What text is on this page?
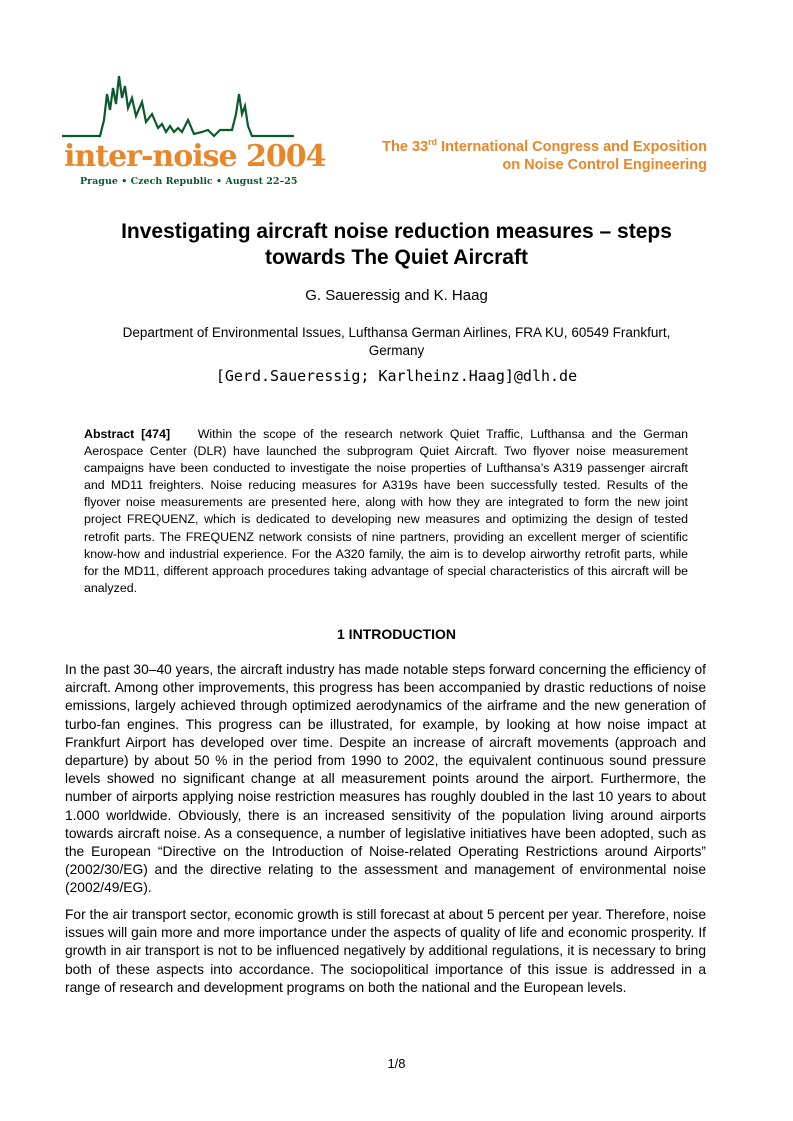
inter-noise 2004
Prague • Czech Republic • August 22–25
The 33rd International Congress and Exposition
on Noise Control Engineering
Investigating aircraft noise reduction measures – steps
towards The Quiet Aircraft
G. Saueressig and K. Haag
Department of Environmental Issues, Lufthansa German Airlines, FRA KU, 60549 Frankfurt,
Germany
[Gerd.Saueressig; Karlheinz.Haag]@dlh.de

Abstract [474] Within the scope of the research network Quiet Traffic, Lufthansa and the German Aerospace Center (DLR) have launched the subprogram Quiet Aircraft. Two flyover noise measurement campaigns have been conducted to investigate the noise properties of Lufthansa’s A319 passenger aircraft and MD11 freighters. Noise reducing measures for A319s have been successfully tested. Results of the flyover noise measurements are presented here, along with how they are integrated to form the new joint project FREQUENZ, which is dedicated to developing new measures and optimizing the design of tested retrofit parts. The FREQUENZ network consists of nine partners, providing an excellent merger of scientific know-how and industrial experience. For the A320 family, the aim is to develop airworthy retrofit parts, while for the MD11, different approach procedures taking advantage of special characteristics of this aircraft will be analyzed.

1 INTRODUCTION

In the past 30–40 years, the aircraft industry has made notable steps forward concerning the efficiency of aircraft. Among other improvements, this progress has been accompanied by drastic reductions of noise emissions, largely achieved through optimized aerodynamics of the airframe and the new generation of turbo-fan engines. This progress can be illustrated, for example, by looking at how noise impact at Frankfurt Airport has developed over time. Despite an increase of aircraft movements (approach and departure) by about 50 % in the period from 1990 to 2002, the equivalent continuous sound pressure levels showed no significant change at all measurement points around the airport. Furthermore, the number of airports applying noise restriction measures has roughly doubled in the last 10 years to about 1.000 worldwide. Obviously, there is an increased sensitivity of the population living around airports towards aircraft noise. As a consequence, a number of legislative initiatives have been adopted, such as the European “Directive on the Introduction of Noise-related Operating Restrictions around Airports” (2002/30/EG) and the directive relating to the assessment and management of environmental noise (2002/49/EG).

For the air transport sector, economic growth is still forecast at about 5 percent per year. Therefore, noise issues will gain more and more importance under the aspects of quality of life and economic prosperity. If growth in air transport is not to be influenced negatively by additional regulations, it is necessary to bring both of these aspects into accordance. The sociopolitical importance of this issue is addressed in a range of research and development programs on both the national and the European levels.

1/8
